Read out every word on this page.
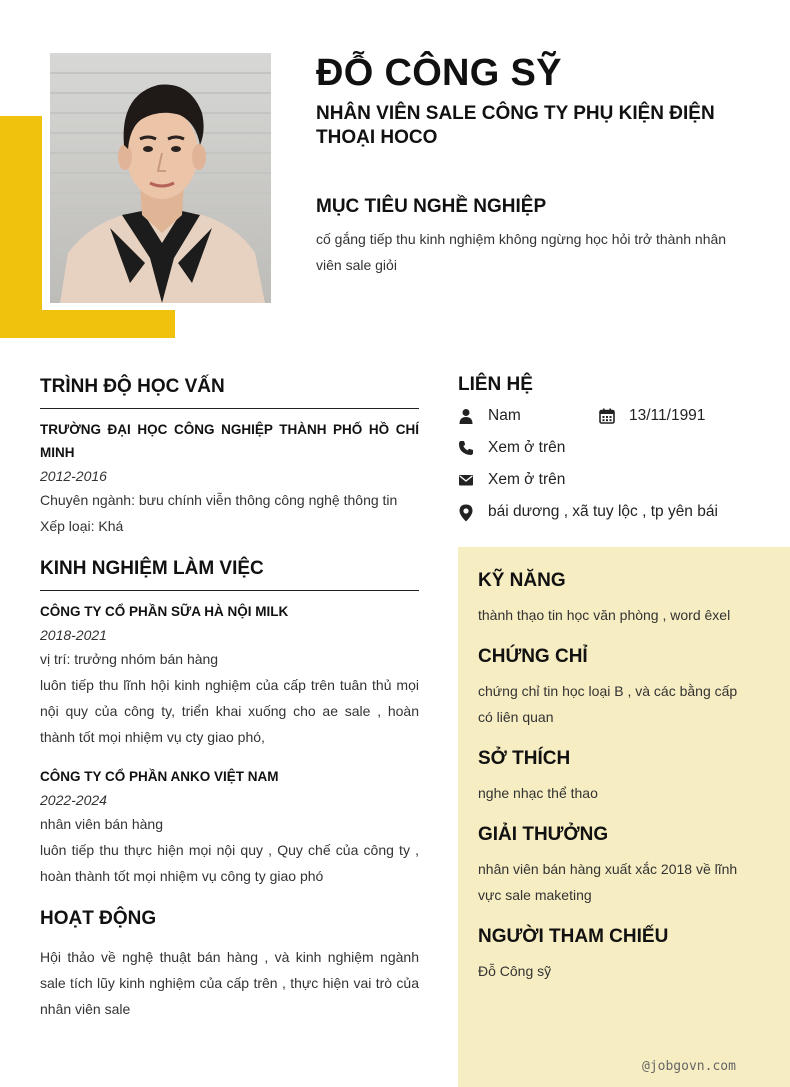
ĐỖ CÔNG SỸ
NHÂN VIÊN SALE CÔNG TY PHỤ KIỆN ĐIỆN THOẠI HOCO
MỤC TIÊU NGHỀ NGHIỆP

cố gắng tiếp thu kinh nghiệm không ngừng học hỏi trở thành nhân viên sale giỏi

TRÌNH ĐỘ HỌC VẤN
TRƯỜNG ĐẠI HỌC CÔNG NGHIỆP THÀNH PHỐ HỒ CHÍ MINH
2012-2016
Chuyên ngành: bưu chính viễn thông công nghệ thông tin
Xếp loại: Khá
KINH NGHIỆM LÀM VIỆC
CÔNG TY CỔ PHẦN SỮA HÀ NỘI MILK
2018-2021
vị trí: trưởng nhóm bán hàng
luôn tiếp thu lĩnh hội kinh nghiệm của cấp trên tuân thủ mọi nội quy của công ty, triển khai xuống cho ae sale , hoàn thành tốt mọi nhiệm vụ cty giao phó,
CÔNG TY CỔ PHẦN ANKO VIỆT NAM
2022-2024
nhân viên bán hàng
luôn tiếp thu thực hiện mọi nội quy , Quy chế của công ty , hoàn thành tốt mọi nhiệm vụ công ty giao phó
HOẠT ĐỘNG
Hội thảo về nghệ thuật bán hàng , và kinh nghiệm ngành sale tích lũy kinh nghiệm của cấp trên , thực hiện vai trò của nhân viên sale
LIÊN HỆ
Nam	13/11/1991
Xem ở trên
Xem ở trên
bái dương , xã tuy lộc , tp yên bái
KỸ NĂNG

thành thạo tin học văn phòng , word êxel

CHỨNG CHỈ

chứng chỉ tin học loại B , và các bằng cấp có liên quan

SỞ THÍCH

nghe nhạc thể thao

GIẢI THƯỞNG

nhân viên bán hàng xuất xắc 2018 về lĩnh vực sale maketing

NGƯỜI THAM CHIẾU

Đỗ Công sỹ

@jobgovn.com
